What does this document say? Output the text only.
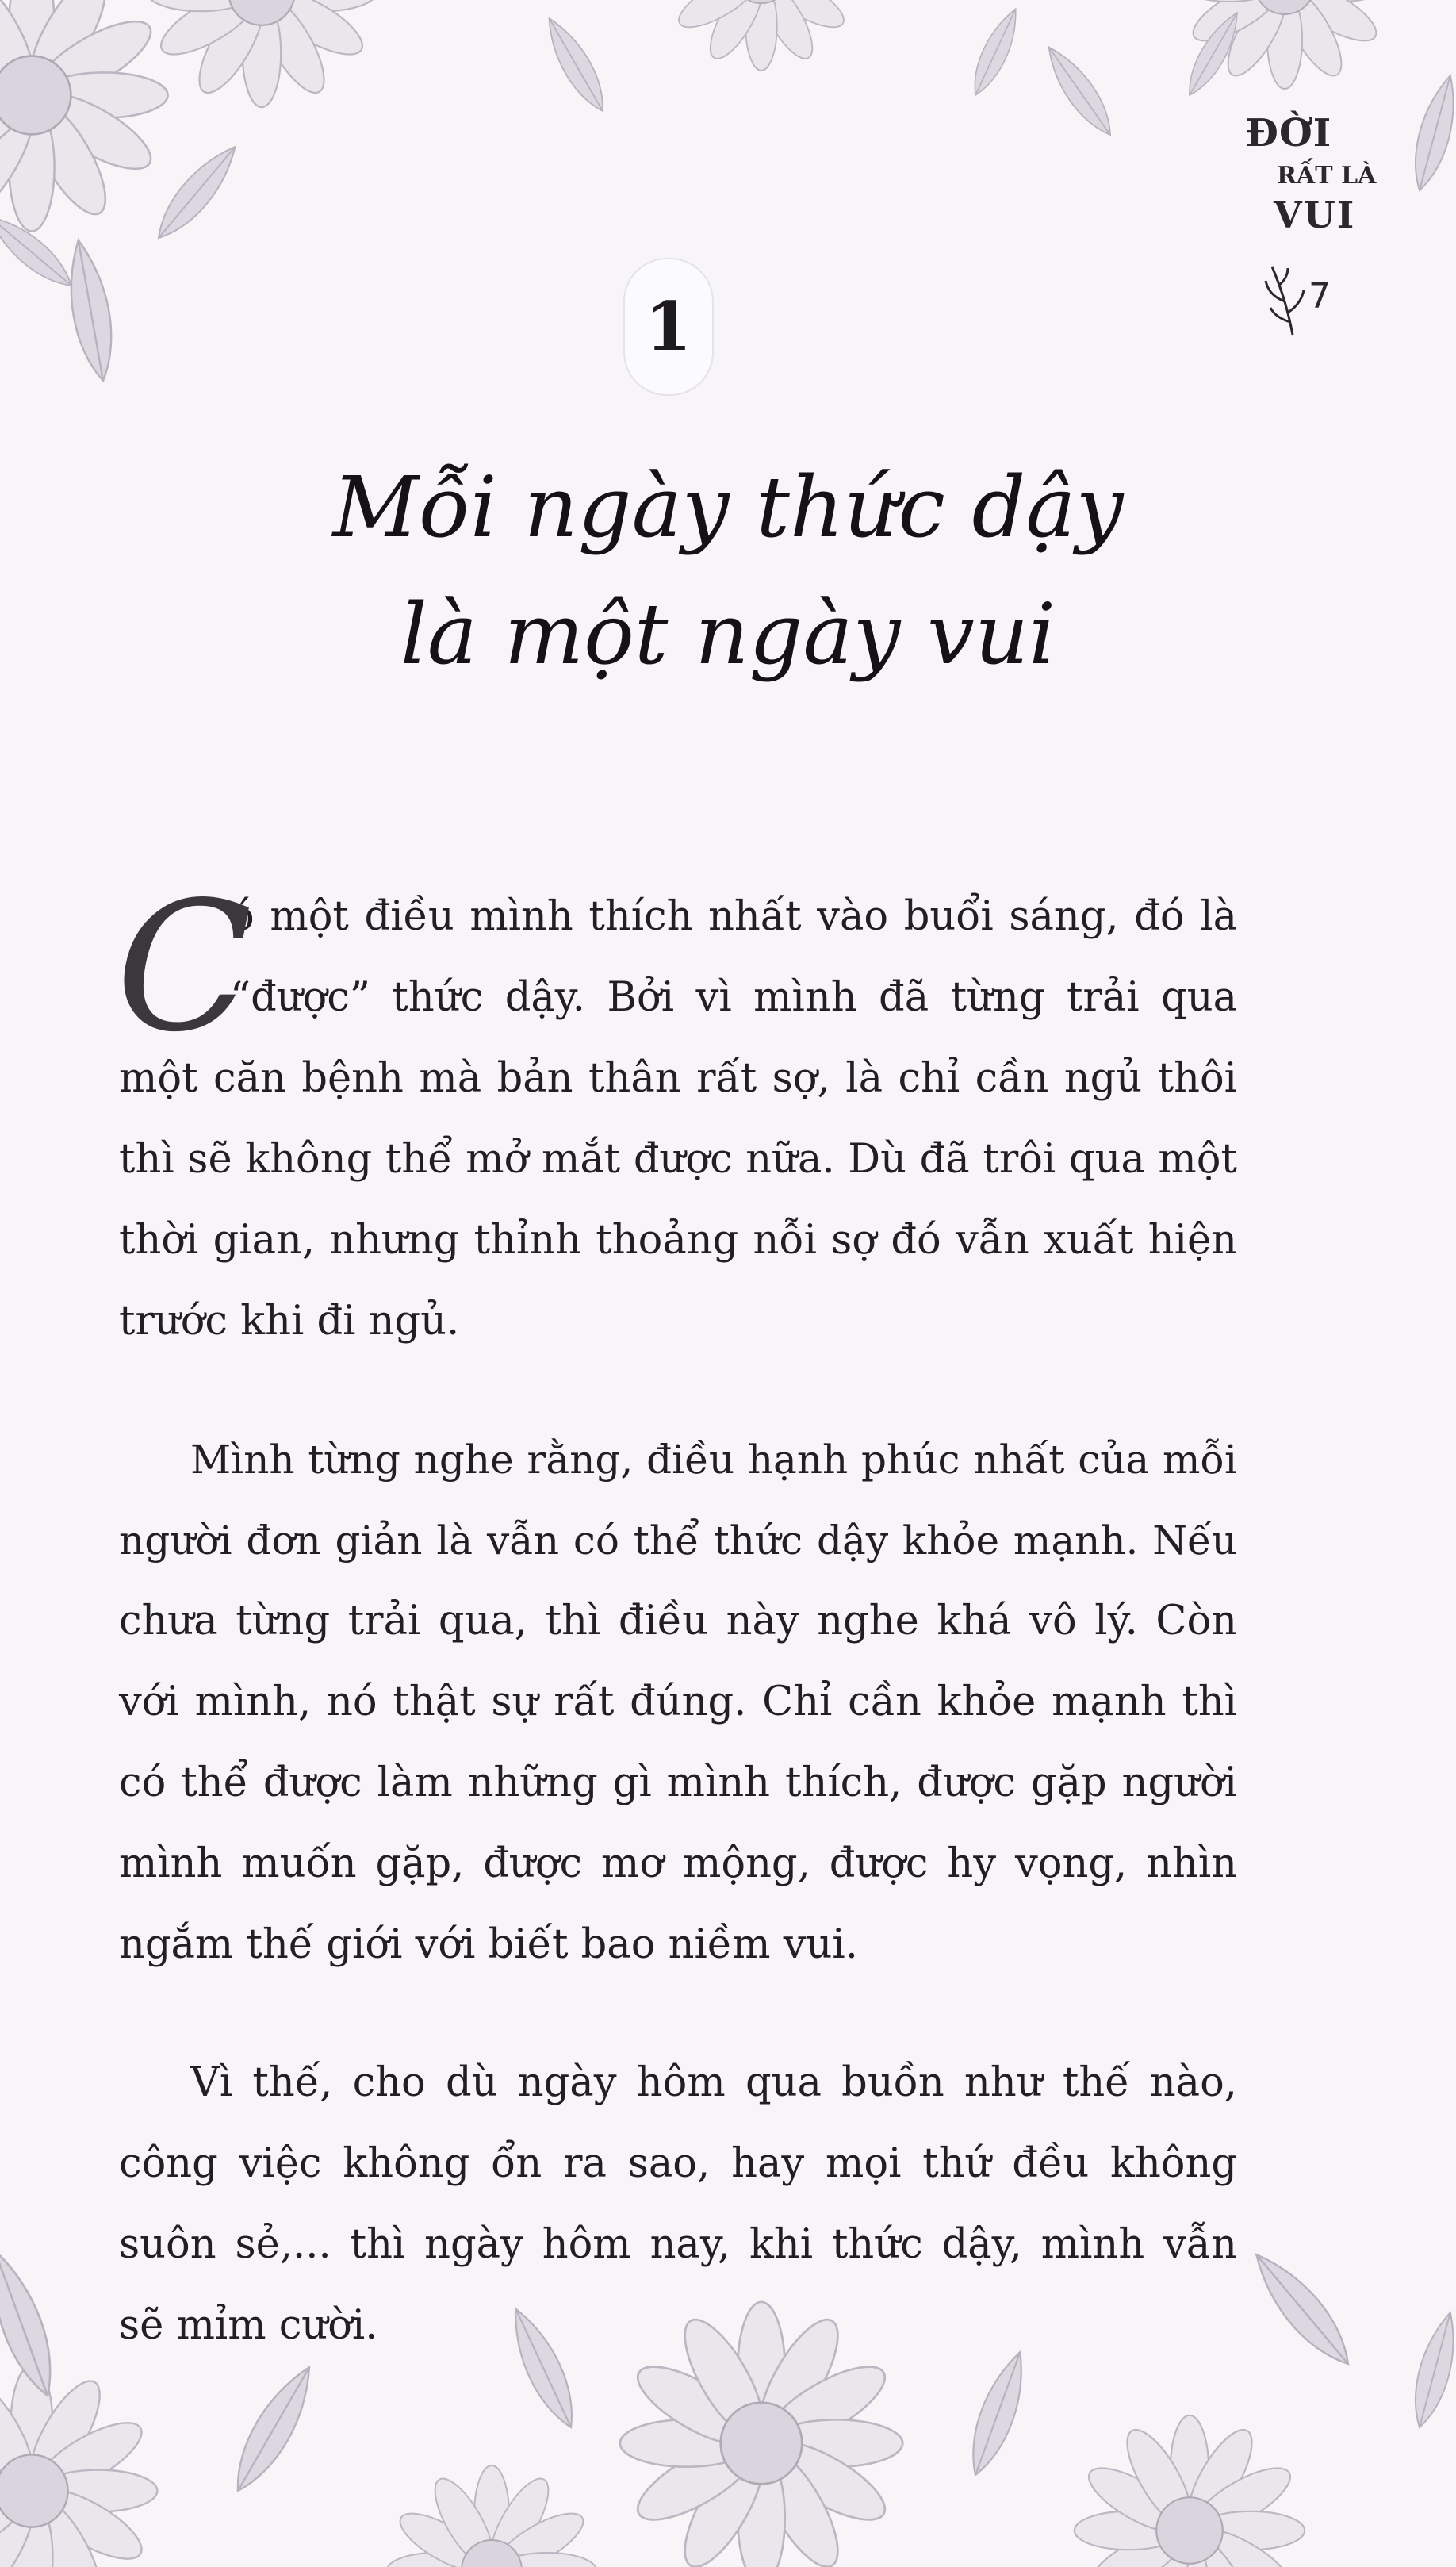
ĐỜI
RẤT LÀ
VUI
7
1
Mỗi ngày thức dậy
là một ngày vui
C
ó một điều mình thích nhất vào buổi sáng, đó là
“được” thức dậy. Bởi vì mình đã từng trải qua
một căn bệnh mà bản thân rất sợ, là chỉ cần ngủ thôi
thì sẽ không thể mở mắt được nữa. Dù đã trôi qua một
thời gian, nhưng thỉnh thoảng nỗi sợ đó vẫn xuất hiện
trước khi đi ngủ.
Mình từng nghe rằng, điều hạnh phúc nhất của mỗi
người đơn giản là vẫn có thể thức dậy khỏe mạnh. Nếu
chưa từng trải qua, thì điều này nghe khá vô lý. Còn
với mình, nó thật sự rất đúng. Chỉ cần khỏe mạnh thì
có thể được làm những gì mình thích, được gặp người
mình muốn gặp, được mơ mộng, được hy vọng, nhìn
ngắm thế giới với biết bao niềm vui.
Vì thế, cho dù ngày hôm qua buồn như thế nào,
công việc không ổn ra sao, hay mọi thứ đều không
suôn sẻ,... thì ngày hôm nay, khi thức dậy, mình vẫn
sẽ mỉm cười.
